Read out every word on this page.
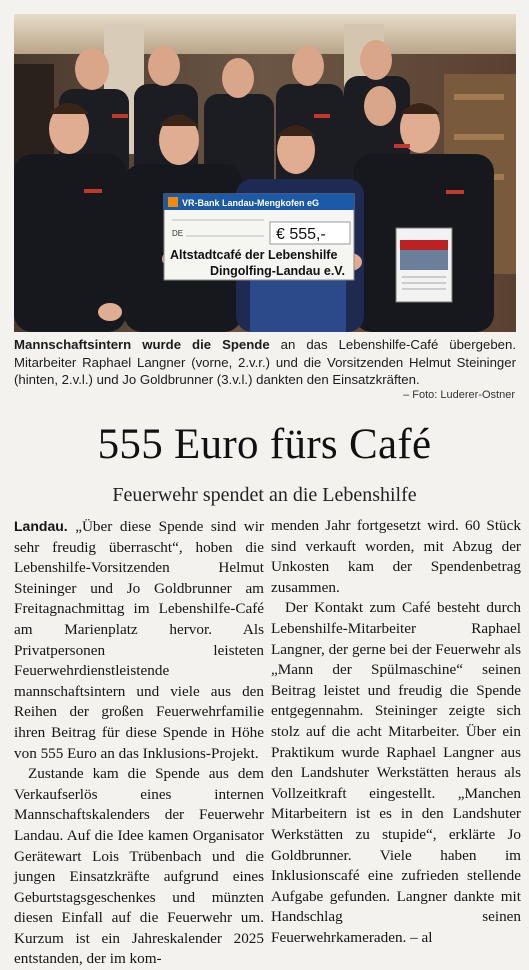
VR-Bank Landau-Mengkofen eG
DE	€ 555,-
Altstadtcafé der Lebenshilfe
Dingolfing-Landau e.V.
Mannschaftsintern wurde die Spende an das Lebenshilfe-Café übergeben. Mitarbeiter Raphael Langner (vorne, 2.v.r.) und die Vorsitzenden Helmut Steininger (hinten, 2.v.l.) und Jo Goldbrunner (3.v.l.) dankten den Einsatzkräften.
– Foto: Luderer-Ostner
555 Euro fürs Café
Feuerwehr spendet an die Lebenshilfe

Landau. „Über diese Spende sind wir sehr freudig überrascht“, hoben die Lebenshilfe-Vorsitzenden Helmut Steininger und Jo Goldbrunner am Freitagnachmittag im Lebenshilfe-Café am Marienplatz hervor. Als Privatpersonen leisteten Feuerwehrdienstleistende mannschaftsintern und viele aus den Reihen der großen Feuerwehrfamilie ihren Beitrag für diese Spende in Höhe von 555 Euro an das Inklusions-Projekt.

Zustande kam die Spende aus dem Verkaufserlös eines internen Mannschaftskalenders der Feuerwehr Landau. Auf die Idee kamen Organisator Gerätewart Lois Trübenbach und die jungen Einsatzkräfte aufgrund eines Geburtstagsgeschenkes und münzten diesen Einfall auf die Feuerwehr um. Kurzum ist ein Jahreskalender 2025 entstanden, der im kom-

menden Jahr fortgesetzt wird. 60 Stück sind verkauft worden, mit Abzug der Unkosten kam der Spendenbetrag zusammen.

Der Kontakt zum Café besteht durch Lebenshilfe-Mitarbeiter Raphael Langner, der gerne bei der Feuerwehr als „Mann der Spülmaschine“ seinen Beitrag leistet und freudig die Spende entgegennahm. Steininger zeigte sich stolz auf die acht Mitarbeiter. Über ein Praktikum wurde Raphael Langner aus den Landshuter Werkstätten heraus als Vollzeitkraft eingestellt. „Manchen Mitarbeitern ist es in den Landshuter Werkstätten zu stupide“, erklärte Jo Goldbrunner. Viele haben im Inklusionscafé eine zufrieden stellende Aufgabe gefunden. Langner dankte mit Handschlag seinen Feuerwehrkameraden. – al
